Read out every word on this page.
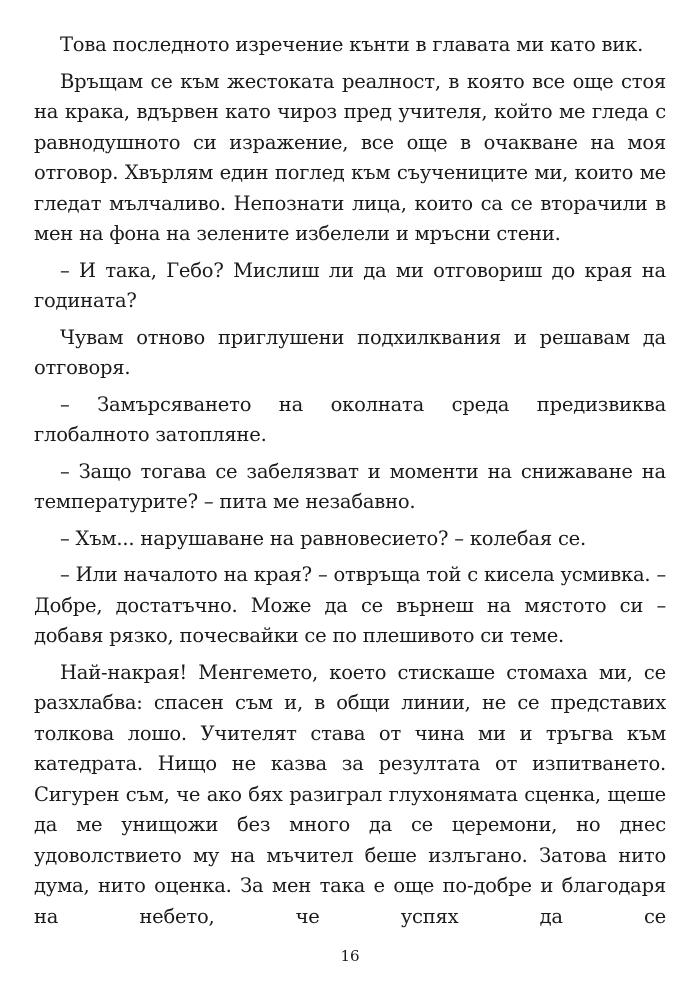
Това последното изречение кънти в главата ми като вик.

Връщам се към жестоката реалност, в която все още стоя на крака, вдървен като чироз пред учителя, който ме гледа с равнодушното си изражение, все още в очакване на моя отговор. Хвърлям един поглед към съучениците ми, които ме гледат мълчаливо. Непознати лица, които са се вторачили в мен на фона на зелените избелели и мръсни стени.

– И така, Гебо? Мислиш ли да ми отговориш до края на годината?

Чувам отново приглушени подхилквания и решавам да отговоря.

– Замърсяването на околната среда предизвиква глобалното затопляне.

– Защо тогава се забелязват и моменти на снижаване на температурите? – пита ме незабавно.

– Хъм... нарушаване на равновесието? – колебая се.

– Или началото на края? – отвръща той с кисела усмивка. – Добре, достатъчно. Може да се върнеш на мястото си – добавя рязко, почесвайки се по плешивото си теме.

Най-накрая! Менгемето, което стискаше стомаха ми, се разхлабва: спасен съм и, в общи линии, не се представих толкова лошо. Учителят става от чина ми и тръгва към катедрата. Нищо не казва за резултата от изпитването. Сигурен съм, че ако бях разиграл глухонямата сценка, щеше да ме унищожи без много да се церемони, но днес удоволствието му на мъчител беше излъгано. Затова нито дума, нито оценка. За мен така е още по-добре и благодаря на небето, че успях да се

16
